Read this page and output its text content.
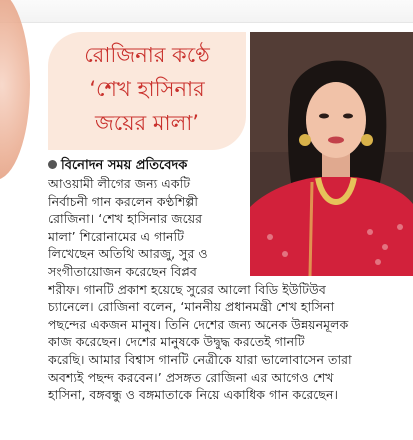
রোজিনার কণ্ঠে
‘শেখ হাসিনার
জয়ের মালা’
বিনোদন সময় প্রতিবেদক
আওয়ামী লীগের জন্য একটি
নির্বাচনী গান করলেন কণ্ঠশিল্পী
রোজিনা। ‘শেখ হাসিনার জয়ের
মালা’ শিরোনামের এ গানটি
লিখেছেন অতিথি আরজু, সুর ও
সংগীতায়োজন করেছেন বিপ্লব
শরীফ। গানটি প্রকাশ হয়েছে সুরের আলো বিডি ইউটিউব
চ্যানেলে। রোজিনা বলেন, ‘মাননীয় প্রধানমন্ত্রী শেখ হাসিনা
পছন্দের একজন মানুষ। তিনি দেশের জন্য অনেক উন্নয়নমূলক
কাজ করেছেন। দেশের মানুষকে উদ্বুদ্ধ করতেই গানটি
করেছি। আমার বিশ্বাস গানটি নেত্রীকে যারা ভালোবাসেন তারা
অবশ্যই পছন্দ করবেন।’ প্রসঙ্গত রোজিনা এর আগেও শেখ
হাসিনা, বঙ্গবন্ধু ও বঙ্গমাতাকে নিয়ে একাধিক গান করেছেন।
